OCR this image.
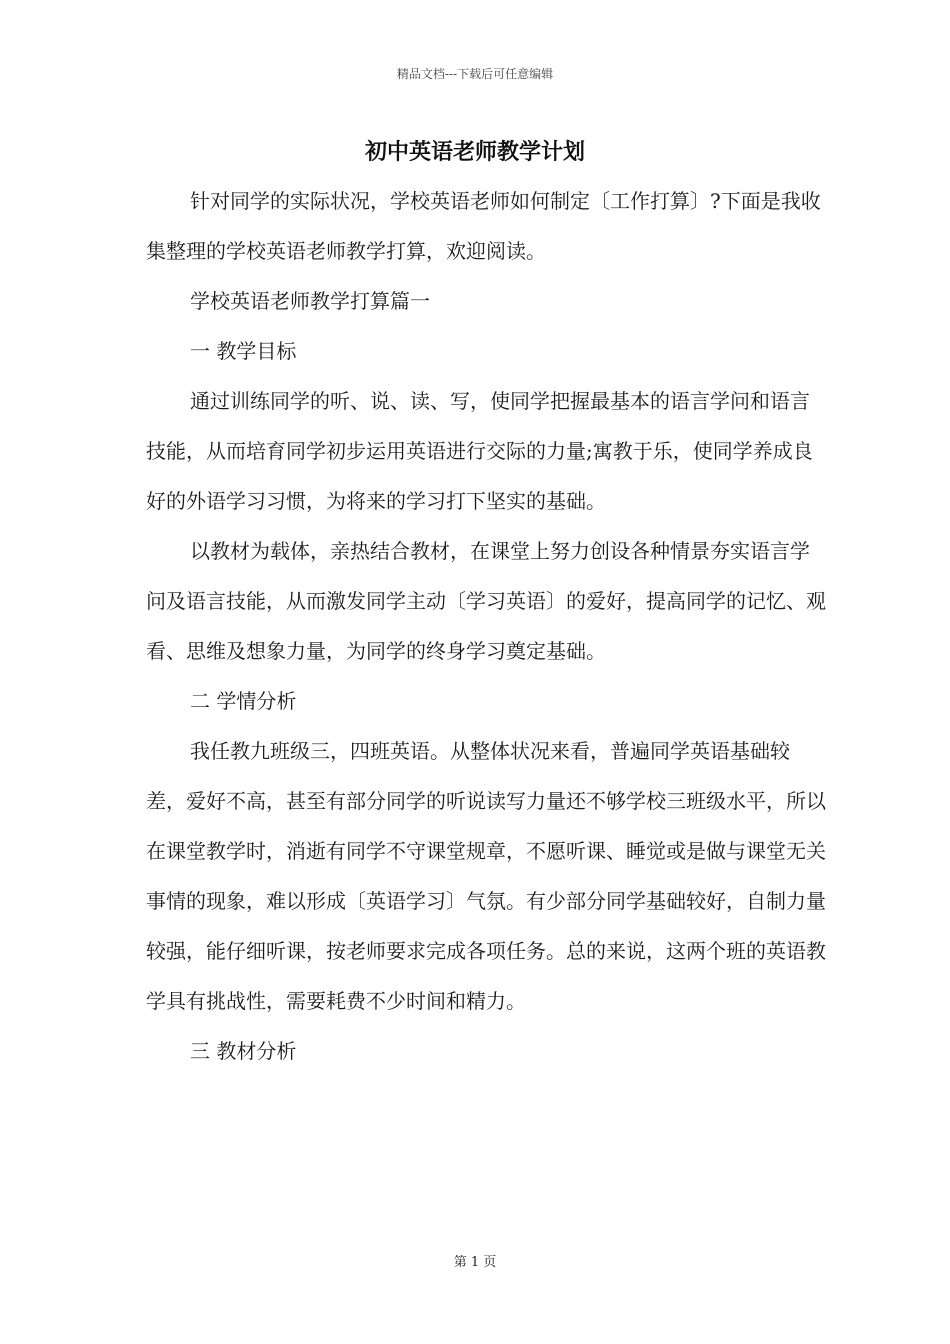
精品文档---下载后可任意编辑
初中英语老师教学计划

针对同学的实际状况，学校英语老师如何制定〔工作打算〕?下面是我收集整理的学校英语老师教学打算，欢迎阅读。

学校英语老师教学打算篇一

一 教学目标

通过训练同学的听、说、读、写，使同学把握最基本的语言学问和语言技能，从而培育同学初步运用英语进行交际的力量;寓教于乐，使同学养成良好的外语学习习惯，为将来的学习打下坚实的基础。

以教材为载体，亲热结合教材，在课堂上努力创设各种情景夯实语言学问及语言技能，从而激发同学主动〔学习英语〕的爱好，提高同学的记忆、观看、思维及想象力量，为同学的终身学习奠定基础。

二 学情分析

我任教九班级三，四班英语。从整体状况来看，普遍同学英语基础较差，爱好不高，甚至有部分同学的听说读写力量还不够学校三班级水平，所以在课堂教学时，消逝有同学不守课堂规章，不愿听课、睡觉或是做与课堂无关事情的现象，难以形成〔英语学习〕气氛。有少部分同学基础较好，自制力量较强，能仔细听课，按老师要求完成各项任务。总的来说，这两个班的英语教学具有挑战性，需要耗费不少时间和精力。

三 教材分析

第 1 页
